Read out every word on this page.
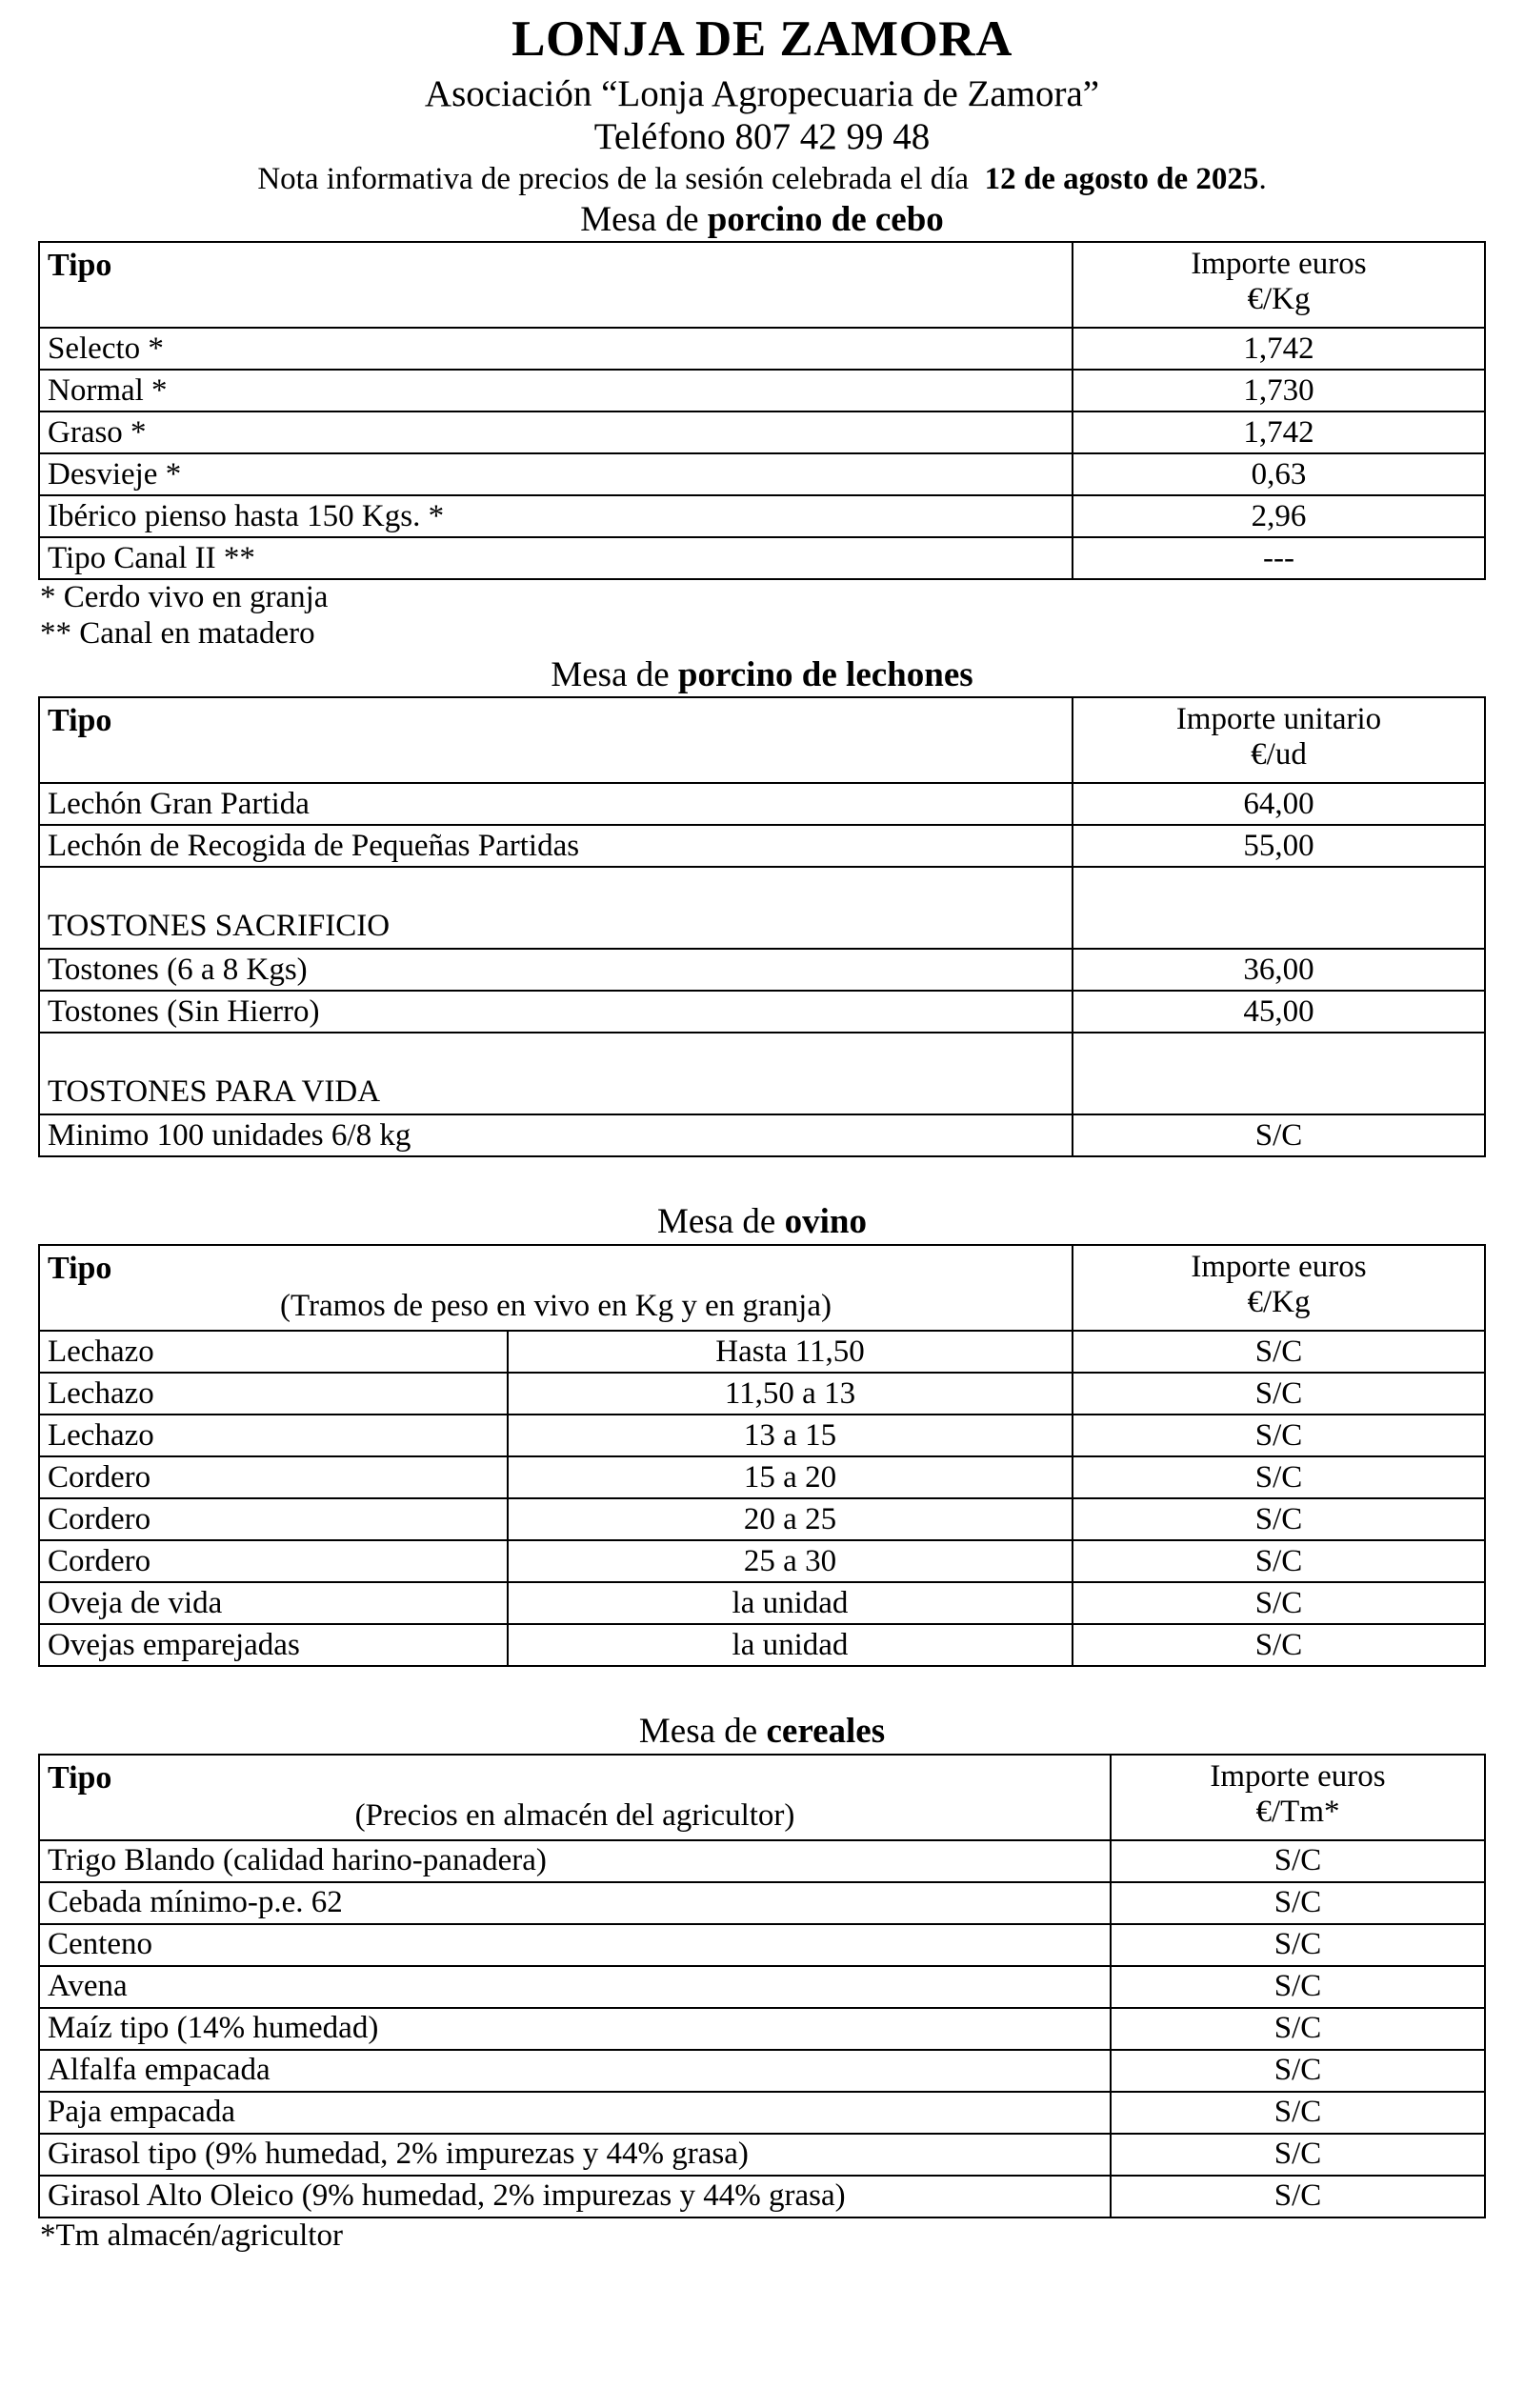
LONJA DE ZAMORA
Asociación “Lonja Agropecuaria de Zamora”
Teléfono 807 42 99 48
Nota informativa de precios de la sesión celebrada el día 12 de agosto de 2025.
Mesa de porcino de cebo
Tipo	Importe euros
€/Kg

Selecto *	1,742
Normal *	1,730
Graso *	1,742
Desvieje *	0,63
Ibérico pienso hasta 150 Kgs. *	2,96
Tipo Canal II **	---
* Cerdo vivo en granja
** Canal en matadero
Mesa de porcino de lechones
Tipo	Importe unitario
€/ud

Lechón Gran Partida	64,00
Lechón de Recogida de Pequeñas Partidas	55,00
TOSTONES SACRIFICIO	
Tostones (6 a 8 Kgs)	36,00
Tostones (Sin Hierro)	45,00
TOSTONES PARA VIDA	
Minimo 100 unidades 6/8 kg	S/C
Mesa de ovino
Tipo
(Tramos de peso en vivo en Kg y en granja)		Importe euros
€/Kg

Lechazo	Hasta 11,50	S/C
Lechazo	11,50 a 13	S/C
Lechazo	13 a 15	S/C
Cordero	15 a 20	S/C
Cordero	20 a 25	S/C
Cordero	25 a 30	S/C
Oveja de vida	la unidad	S/C
Ovejas emparejadas	la unidad	S/C
Mesa de cereales
Tipo
(Precios en almacén del agricultor)	Importe euros
€/Tm*

Trigo Blando (calidad harino-panadera)	S/C
Cebada mínimo-p.e. 62	S/C
Centeno	S/C
Avena	S/C
Maíz tipo (14% humedad)	S/C
Alfalfa empacada	S/C
Paja empacada	S/C
Girasol tipo (9% humedad, 2% impurezas y 44% grasa)	S/C
Girasol Alto Oleico (9% humedad, 2% impurezas y 44% grasa)	S/C
*Tm almacén/agricultor
